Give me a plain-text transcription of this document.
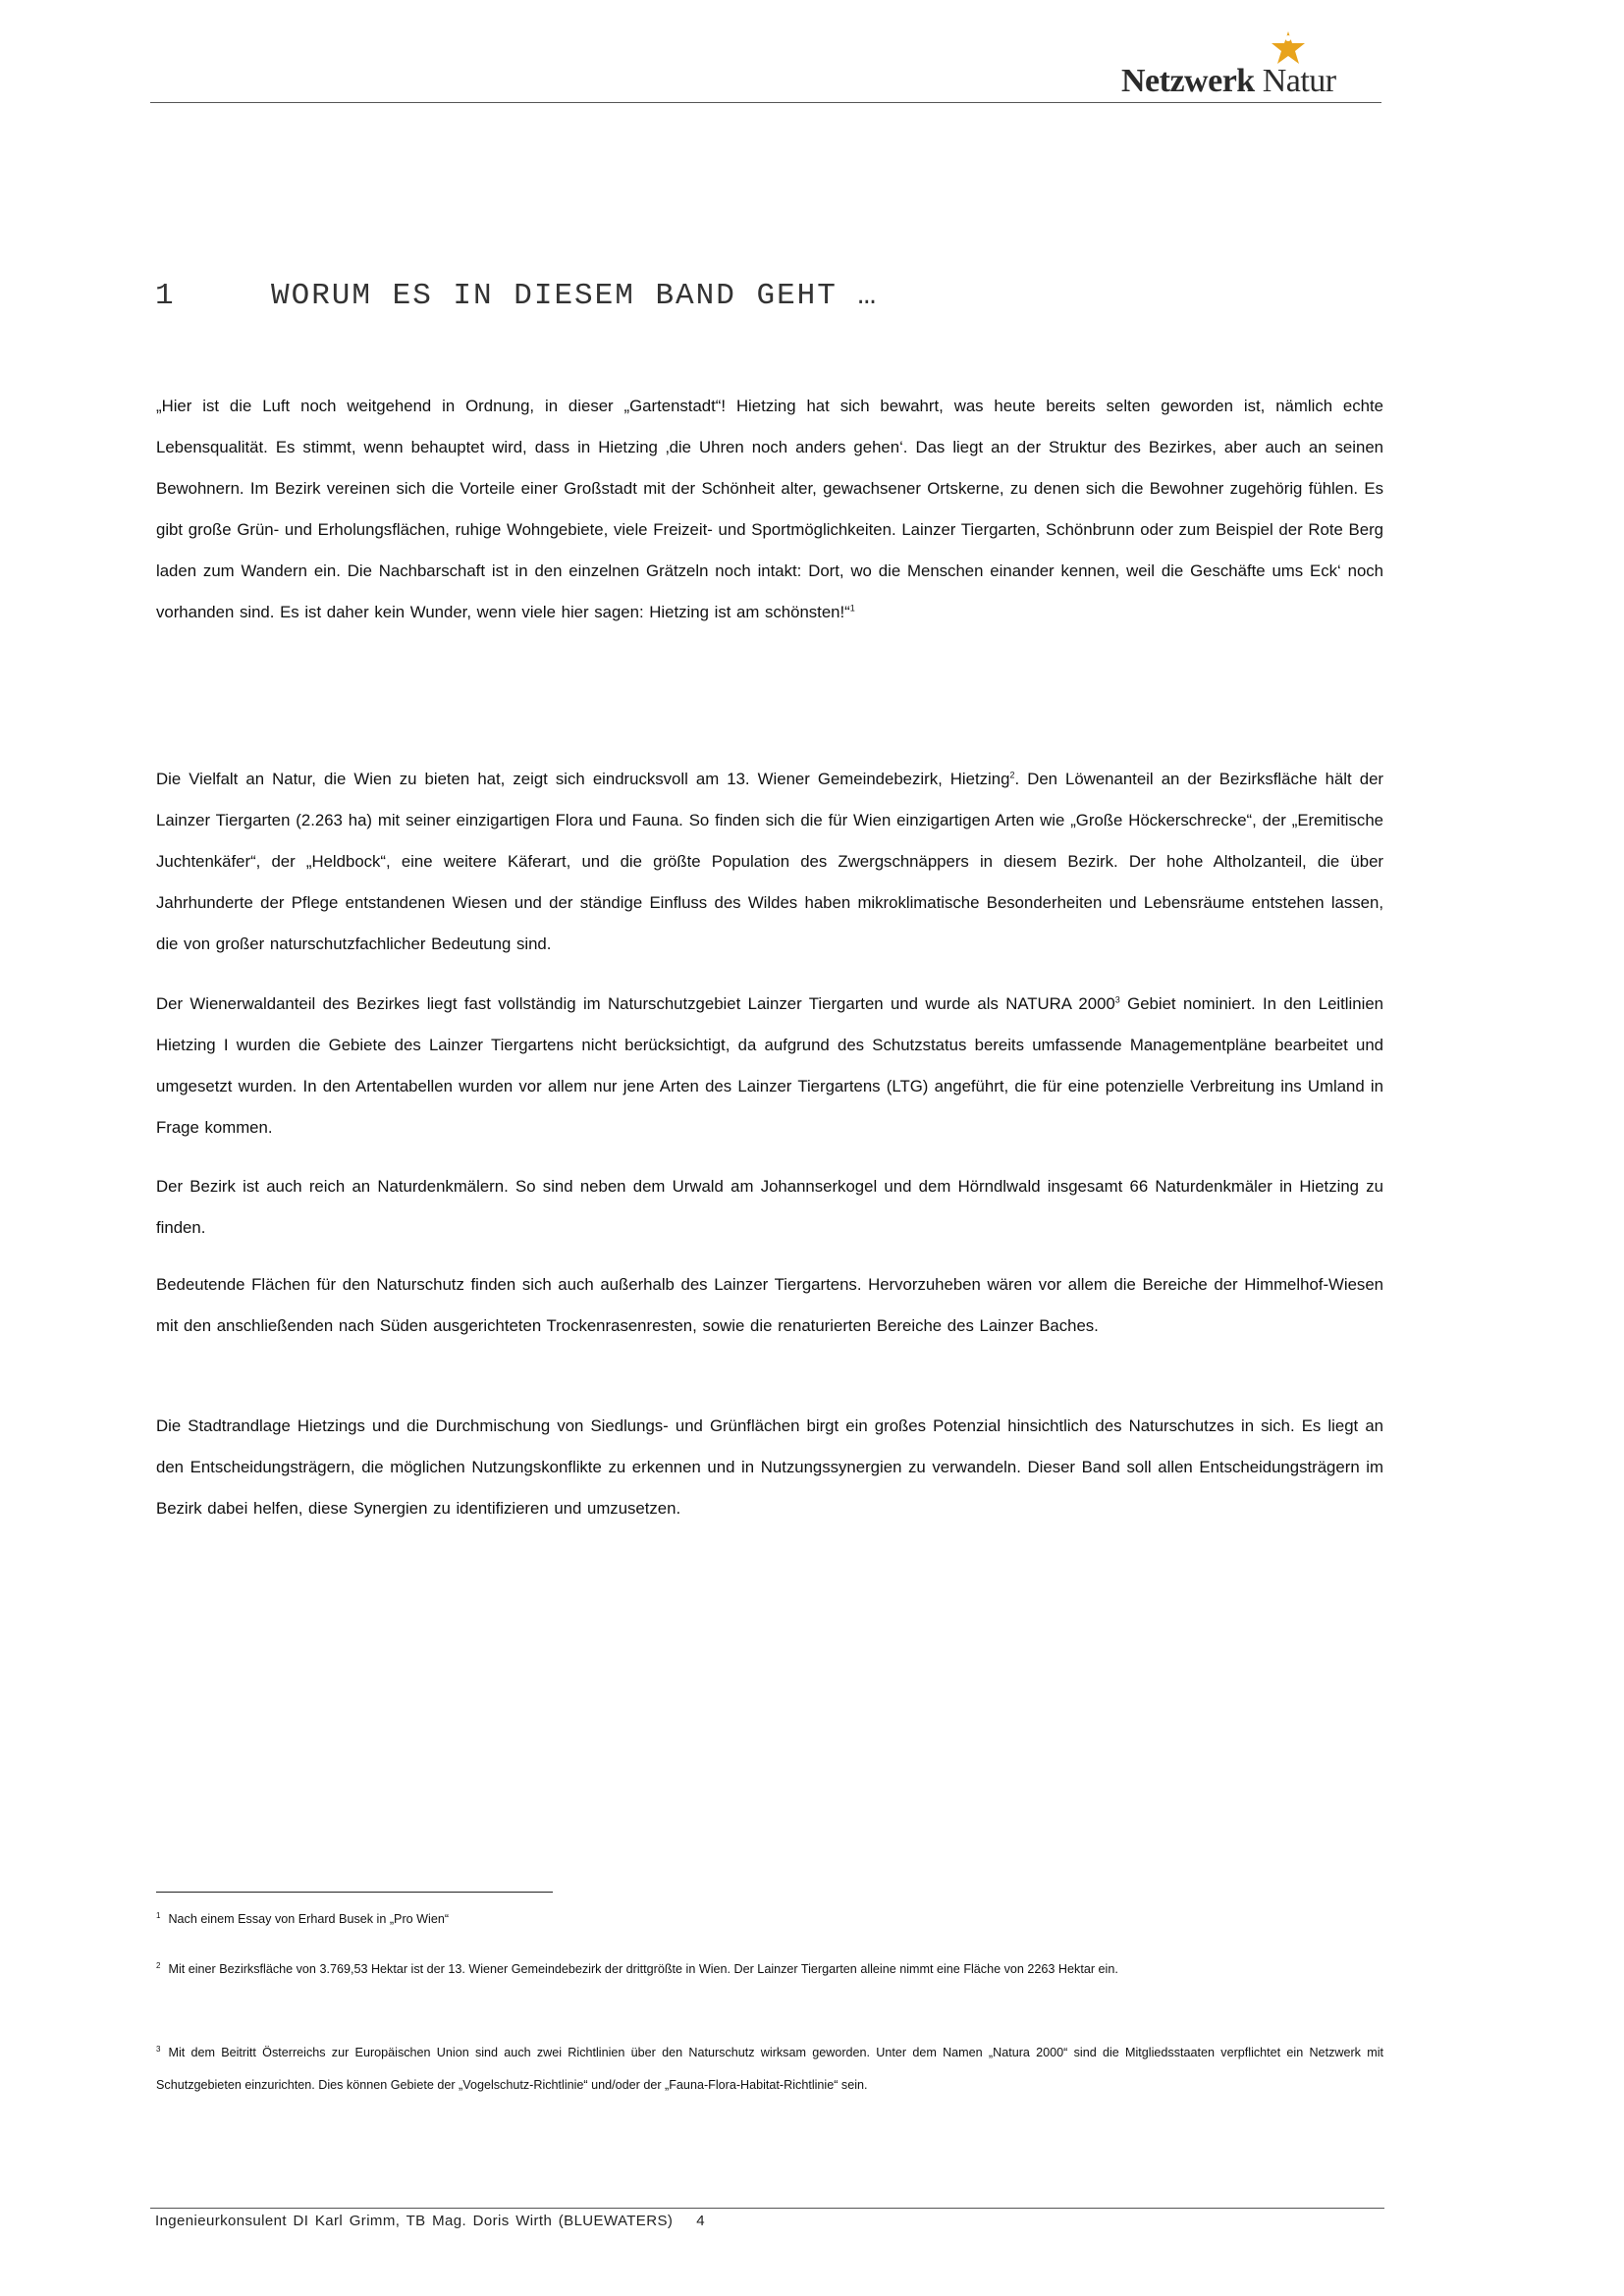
Netzwerk Natur
1	WORUM ES IN DIESEM BAND GEHT …

„Hier ist die Luft noch weitgehend in Ordnung, in dieser „Gartenstadt“! Hietzing hat sich bewahrt, was heute bereits selten geworden ist, nämlich echte Lebensqualität. Es stimmt, wenn behauptet wird, dass in Hietzing ‚die Uhren noch anders gehen‘. Das liegt an der Struktur des Bezirkes, aber auch an seinen Bewohnern. Im Bezirk vereinen sich die Vorteile einer Großstadt mit der Schönheit alter, gewachsener Ortskerne, zu denen sich die Bewohner zugehörig fühlen. Es gibt große Grün- und Erholungsflächen, ruhige Wohngebiete, viele Freizeit- und Sportmöglichkeiten. Lainzer Tiergarten, Schönbrunn oder zum Beispiel der Rote Berg laden zum Wandern ein. Die Nachbarschaft ist in den einzelnen Grätzeln noch intakt: Dort, wo die Menschen einander kennen, weil die Geschäfte ums Eck‘ noch vorhanden sind. Es ist daher kein Wunder, wenn viele hier sagen: Hietzing ist am schönsten!“$^1$

Die Vielfalt an Natur, die Wien zu bieten hat, zeigt sich eindrucksvoll am 13. Wiener Gemeindebezirk, Hietzing$^2$. Den Löwenanteil an der Bezirksfläche hält der Lainzer Tiergarten (2.263 ha) mit seiner einzigartigen Flora und Fauna. So finden sich die für Wien einzigartigen Arten wie „Große Höckerschrecke“, der „Eremitische Juchtenkäfer“, der „Heldbock“, eine weitere Käferart, und die größte Population des Zwergschnäppers in diesem Bezirk. Der hohe Altholzanteil, die über Jahrhunderte der Pflege entstandenen Wiesen und der ständige Einfluss des Wildes haben mikroklimatische Besonderheiten und Lebensräume entstehen lassen, die von großer naturschutzfachlicher Bedeutung sind.

Der Wienerwaldanteil des Bezirkes liegt fast vollständig im Naturschutzgebiet Lainzer Tiergarten und wurde als NATURA 2000$^3$ Gebiet nominiert. In den Leitlinien Hietzing I wurden die Gebiete des Lainzer Tiergartens nicht berücksichtigt, da aufgrund des Schutzstatus bereits umfassende Managementpläne bearbeitet und umgesetzt wurden. In den Artentabellen wurden vor allem nur jene Arten des Lainzer Tiergartens (LTG) angeführt, die für eine potenzielle Verbreitung ins Umland in Frage kommen.

Der Bezirk ist auch reich an Naturdenkmälern. So sind neben dem Urwald am Johannserkogel und dem Hörndlwald insgesamt 66 Naturdenkmäler in Hietzing zu finden.

Bedeutende Flächen für den Naturschutz finden sich auch außerhalb des Lainzer Tiergartens. Hervorzuheben wären vor allem die Bereiche der Himmelhof-Wiesen mit den anschließenden nach Süden ausgerichteten Trockenrasenresten, sowie die renaturierten Bereiche des Lainzer Baches.

Die Stadtrandlage Hietzings und die Durchmischung von Siedlungs- und Grünflächen birgt ein großes Potenzial hinsichtlich des Naturschutzes in sich. Es liegt an den Entscheidungsträgern, die möglichen Nutzungskonflikte zu erkennen und in Nutzungssynergien zu verwandeln. Dieser Band soll allen Entscheidungsträgern im Bezirk dabei helfen, diese Synergien zu identifizieren und umzusetzen.

$^1$ Nach einem Essay von Erhard Busek in „Pro Wien“
$^2$ Mit einer Bezirksfläche von 3.769,53 Hektar ist der 13. Wiener Gemeindebezirk der drittgrößte in Wien. Der Lainzer Tiergarten alleine nimmt eine Fläche von 2263 Hektar ein.
$^3$ Mit dem Beitritt Österreichs zur Europäischen Union sind auch zwei Richtlinien über den Naturschutz wirksam geworden. Unter dem Namen „Natura 2000“ sind die Mitgliedsstaaten verpflichtet ein Netzwerk mit Schutzgebieten einzurichten. Dies können Gebiete der „Vogelschutz-Richtlinie“ und/oder der „Fauna-Flora-Habitat-Richtlinie“ sein.
Ingenieurkonsulent DI Karl Grimm, TB Mag. Doris Wirth (BLUEWATERS) 4
